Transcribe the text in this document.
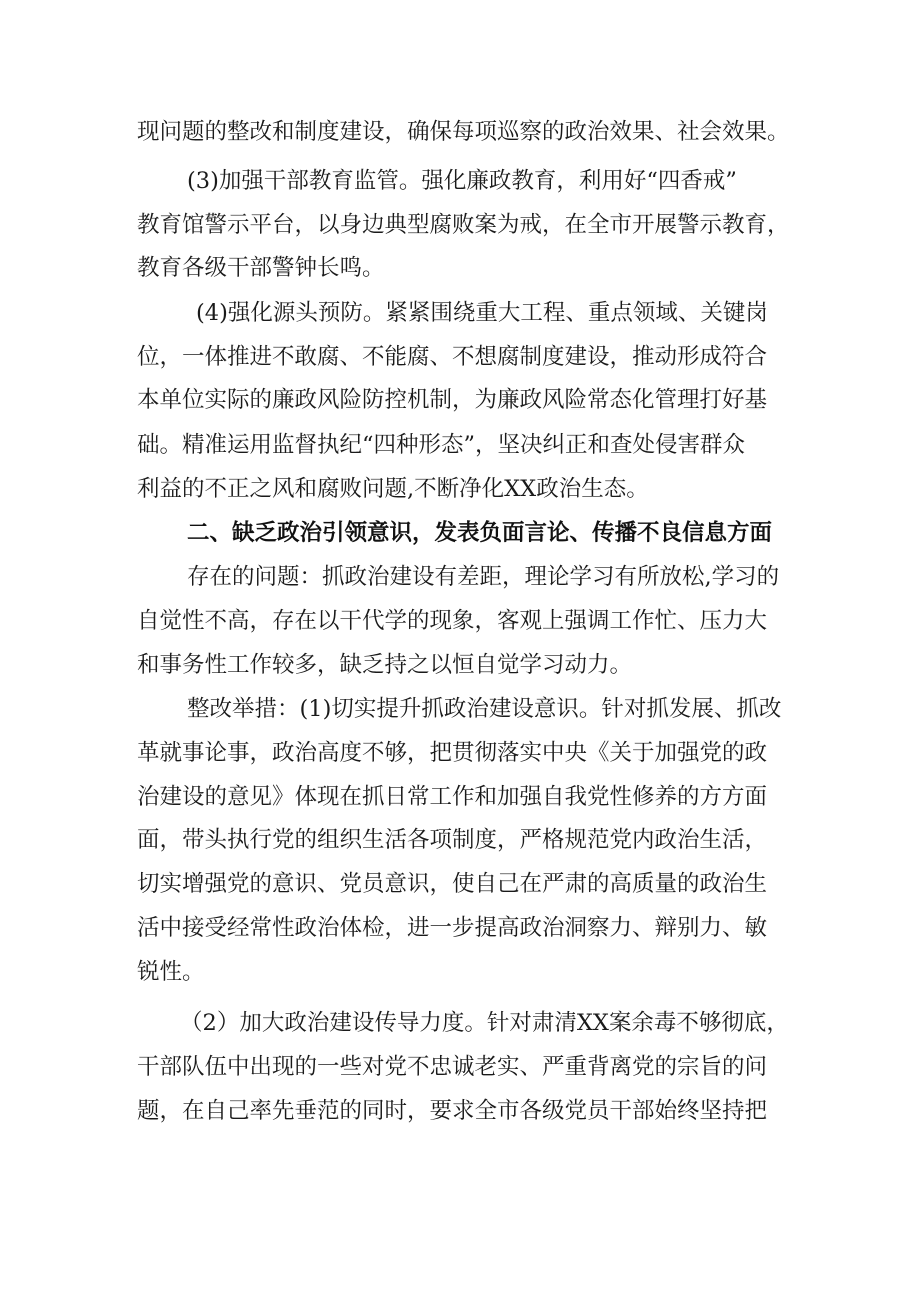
现问题的整改和制度建设，确保每项巡察的政治效果、社会效果。

(3)加强干部教育监管。强化廉政教育，利用好“四香戒”

教育馆警示平台，以身边典型腐败案为戒，在全市开展警示教育，

教育各级干部警钟长鸣。

(4)强化源头预防。紧紧围绕重大工程、重点领域、关键岗

位，一体推进不敢腐、不能腐、不想腐制度建设，推动形成符合

本单位实际的廉政风险防控机制，为廉政风险常态化管理打好基

础。精准运用监督执纪“四种形态”，坚决纠正和查处侵害群众

利益的不正之风和腐败问题,不断净化XX政治生态。

二、缺乏政治引领意识，发表负面言论、传播不良信息方面

存在的问题：抓政治建设有差距，理论学习有所放松,学习的

自觉性不高，存在以干代学的现象，客观上强调工作忙、压力大

和事务性工作较多，缺乏持之以恒自觉学习动力。

整改举措：(1)切实提升抓政治建设意识。针对抓发展、抓改

革就事论事，政治高度不够，把贯彻落实中央《关于加强党的政

治建设的意见》体现在抓日常工作和加强自我党性修养的方方面

面，带头执行党的组织生活各项制度，严格规范党内政治生活，

切实增强党的意识、党员意识，使自己在严肃的高质量的政治生

活中接受经常性政治体检，进一步提高政治洞察力、辩别力、敏

锐性。

（2）加大政治建设传导力度。针对肃清XX案余毒不够彻底，

干部队伍中出现的一些对党不忠诚老实、严重背离党的宗旨的问

题，在自己率先垂范的同时，要求全市各级党员干部始终坚持把
